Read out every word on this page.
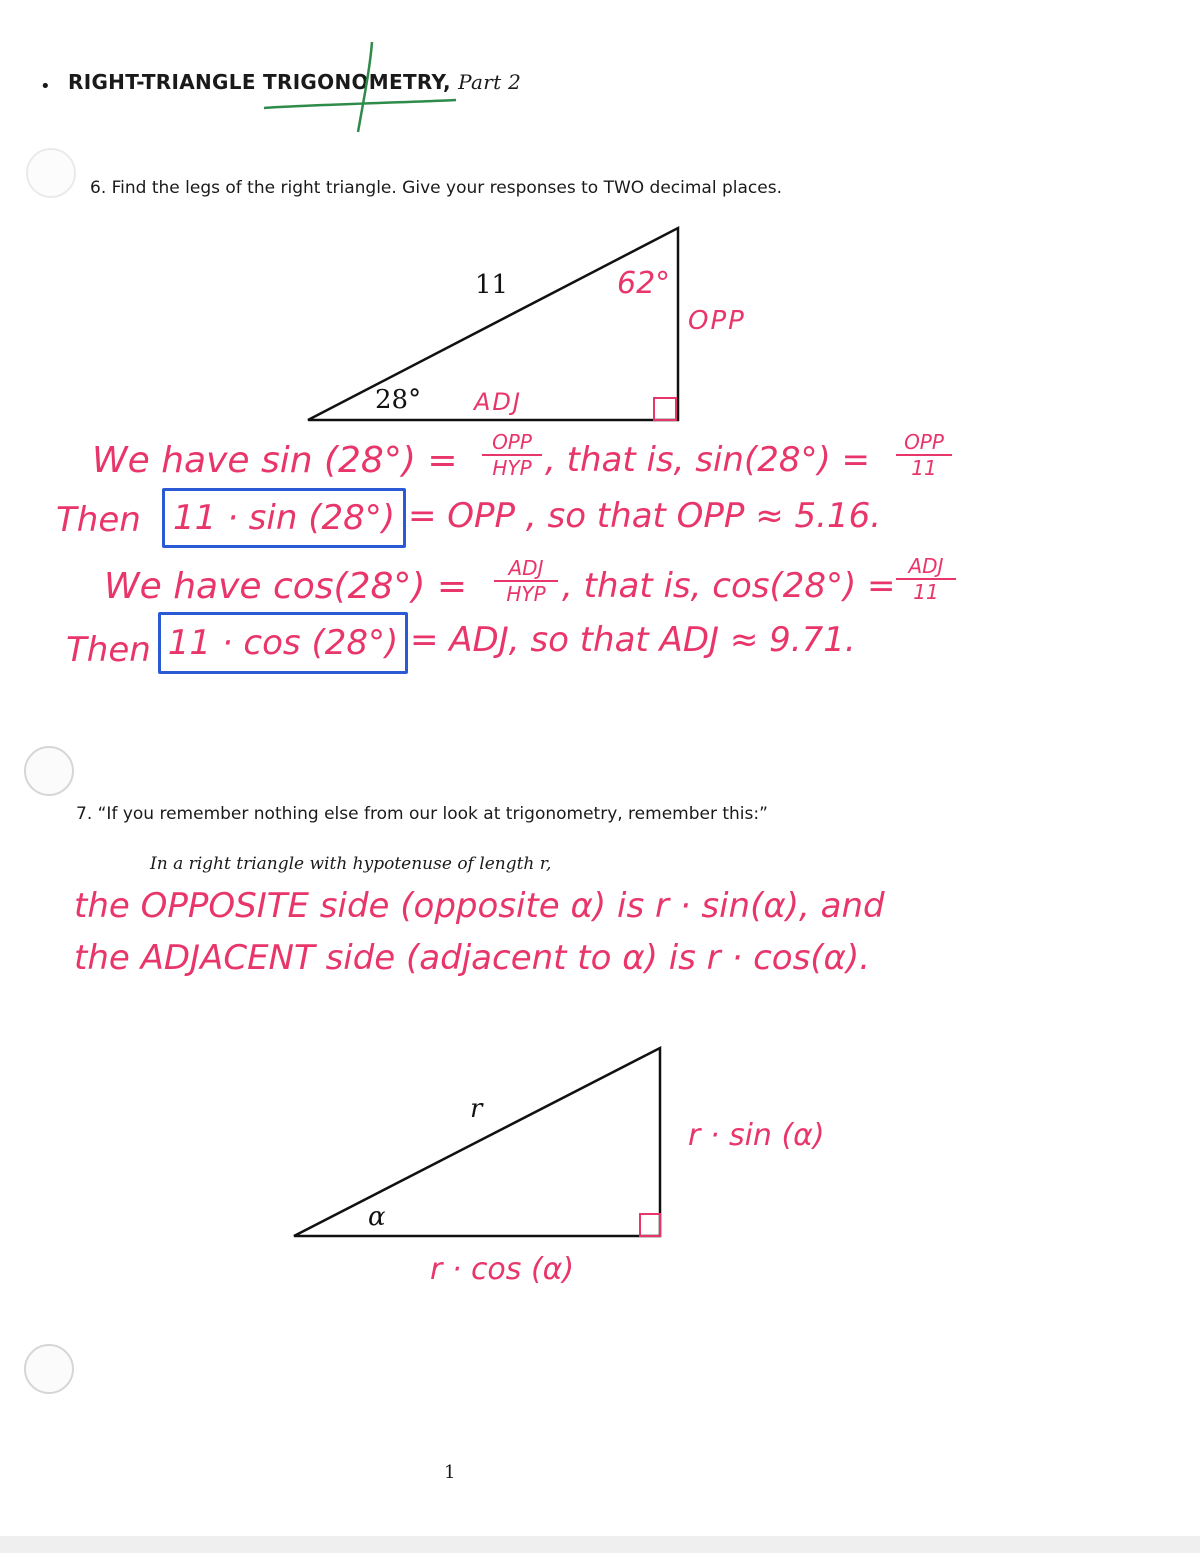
• RIGHT-TRIANGLE TRIGONOMETRY, Part 2
6. Find the legs of the right triangle. Give your responses to TWO decimal places.
11
28°
62°
OPP
ADJ
We have sin (28°) =	OPP
HYP , that is, sin(28°) =	OPP
11
Then 11 · sin (28°) = OPP , so that OPP ≈ 5.16.
We have cos(28°) =	ADJ
HYP , that is, cos(28°) = ADJ
11
Then 11 · cos (28°) = ADJ, so that ADJ ≈ 9.71.
7. “If you remember nothing else from our look at trigonometry, remember this:”
In a right triangle with hypotenuse of length r,
the OPPOSITE side (opposite α) is r · sin(α), and
the ADJACENT side (adjacent to α) is r · cos(α).
r
α
r · sin (α)
r · cos (α)
1
